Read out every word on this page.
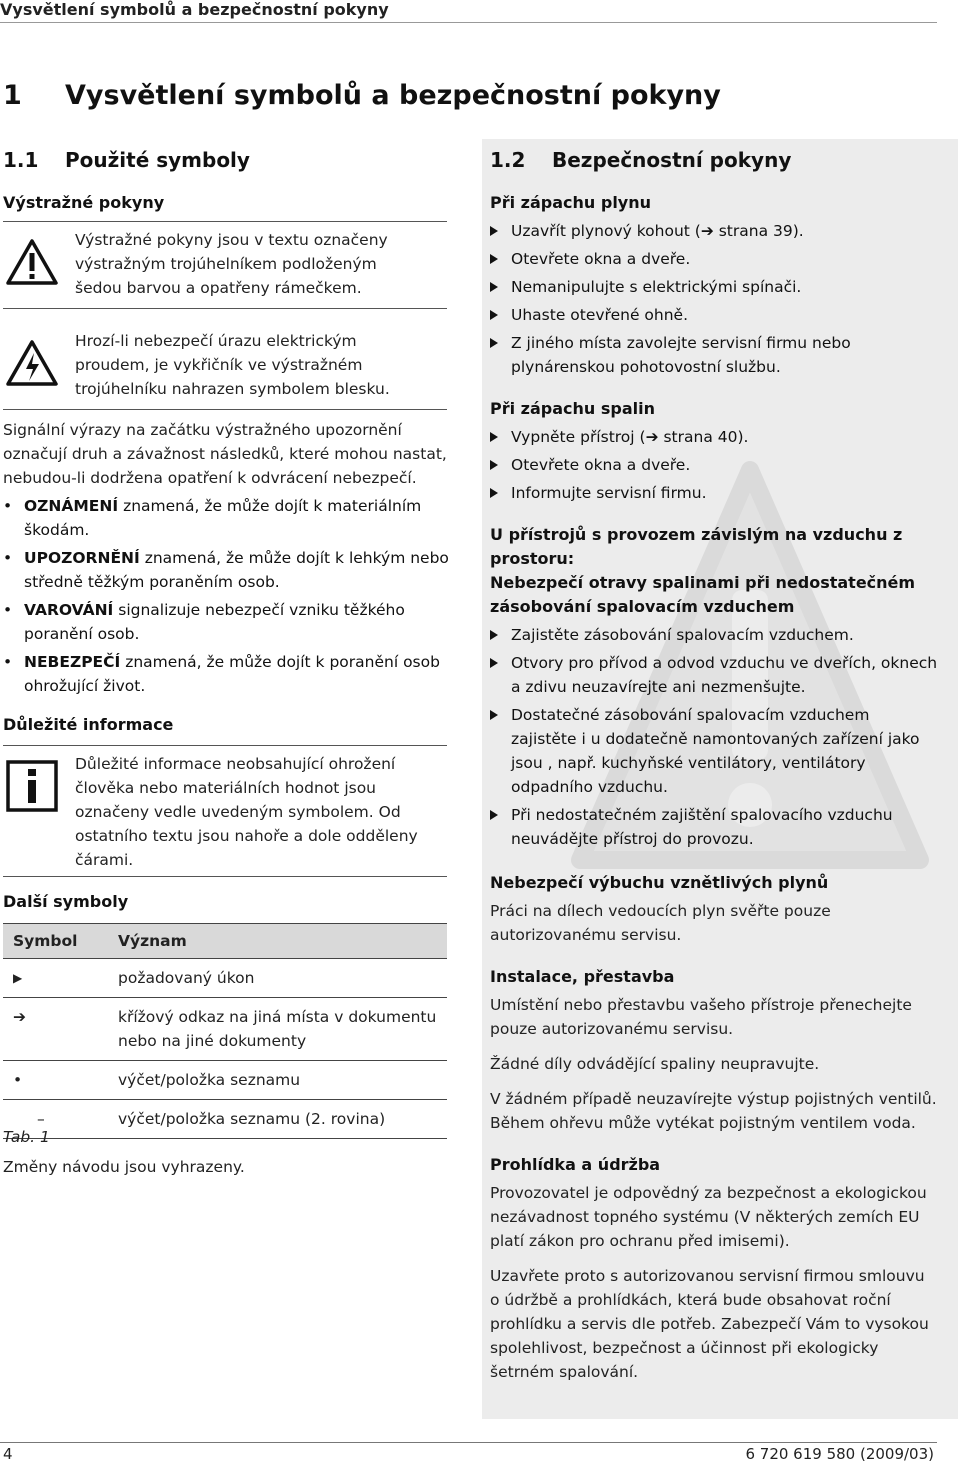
Vysvětlení symbolů a bezpečnostní pokyny
1 Vysvětlení symbolů a bezpečnostní pokyny
1.1 Použité symboly
Výstražné pokyny
Výstražné pokyny jsou v textu označeny
výstražným trojúhelníkem podloženým
šedou barvou a opatřeny rámečkem.
Hrozí-li nebezpečí úrazu elektrickým
proudem, je vykřičník ve výstražném
trojúhelníku nahrazen symbolem blesku.
Signální výrazy na začátku výstražného upozornění
označují druh a závažnost následků, které mohou nastat,
nebudou-li dodržena opatření k odvrácení nebezpečí.
• OZNÁMENÍ znamená, že může dojít k materiálním
škodám.
• UPOZORNĚNÍ znamená, že může dojít k lehkým nebo
středně těžkým poraněním osob.
• VAROVÁNÍ signalizuje nebezpečí vzniku těžkého
poranění osob.
• NEBEZPEČÍ znamená, že může dojít k poranění osob
ohrožující život.
Důležité informace
Důležité informace neobsahující ohrožení
člověka nebo materiálních hodnot jsou
označeny vedle uvedeným symbolem. Od
ostatního textu jsou nahoře a dole odděleny
čárami.
Další symboly
Symbol	Význam
▶	požadovaný úkon

➔	křížový odkaz na jiná místa v dokumentu
nebo na jiné dokumenty

•	výčet/položka seznamu

–	výčet/položka seznamu (2. rovina)
Tab. 1
Změny návodu jsou vyhrazeny.
1.2 Bezpečnostní pokyny
Při zápachu plynu
Uzavřít plynový kohout (➔ strana 39).
Otevřete okna a dveře.
Nemanipulujte s elektrickými spínači.
Uhaste otevřené ohně.
Z jiného místa zavolejte servisní firmu nebo
plynárenskou pohotovostní službu.
Při zápachu spalin
Vypněte přístroj (➔ strana 40).
Otevřete okna a dveře.
Informujte servisní firmu.
U přístrojů s provozem závislým na vzduchu z prostoru:
Nebezpečí otravy spalinami při nedostatečném
zásobování spalovacím vzduchem
Zajistěte zásobování spalovacím vzduchem.
Otvory pro přívod a odvod vzduchu ve dveřích, oknech
a zdivu neuzavírejte ani nezmenšujte.
Dostatečné zásobování spalovacím vzduchem
zajistěte i u dodatečně namontovaných zařízení jako
jsou , např. kuchyňské ventilátory, ventilátory
odpadního vzduchu.
Při nedostatečném zajištění spalovacího vzduchu
neuvádějte přístroj do provozu.
Nebezpečí výbuchu vznětlivých plynů
Práci na dílech vedoucích plyn svěřte pouze
autorizovanému servisu.
Instalace, přestavba
Umístění nebo přestavbu vašeho přístroje přenechejte
pouze autorizovanému servisu.
Žádné díly odvádějící spaliny neupravujte.
V žádném případě neuzavírejte výstup pojistných ventilů.
Během ohřevu může vytékat pojistným ventilem voda.
Prohlídka a údržba
Provozovatel je odpovědný za bezpečnost a ekologickou
nezávadnost topného systému (V některých zemích EU
platí zákon pro ochranu před imisemi).
Uzavřete proto s autorizovanou servisní firmou smlouvu
o údržbě a prohlídkách, která bude obsahovat roční
prohlídku a servis dle potřeb. Zabezpečí Vám to vysokou
spolehlivost, bezpečnost a účinnost při ekologicky
šetrném spalování.
4	6 720 619 580 (2009/03)
